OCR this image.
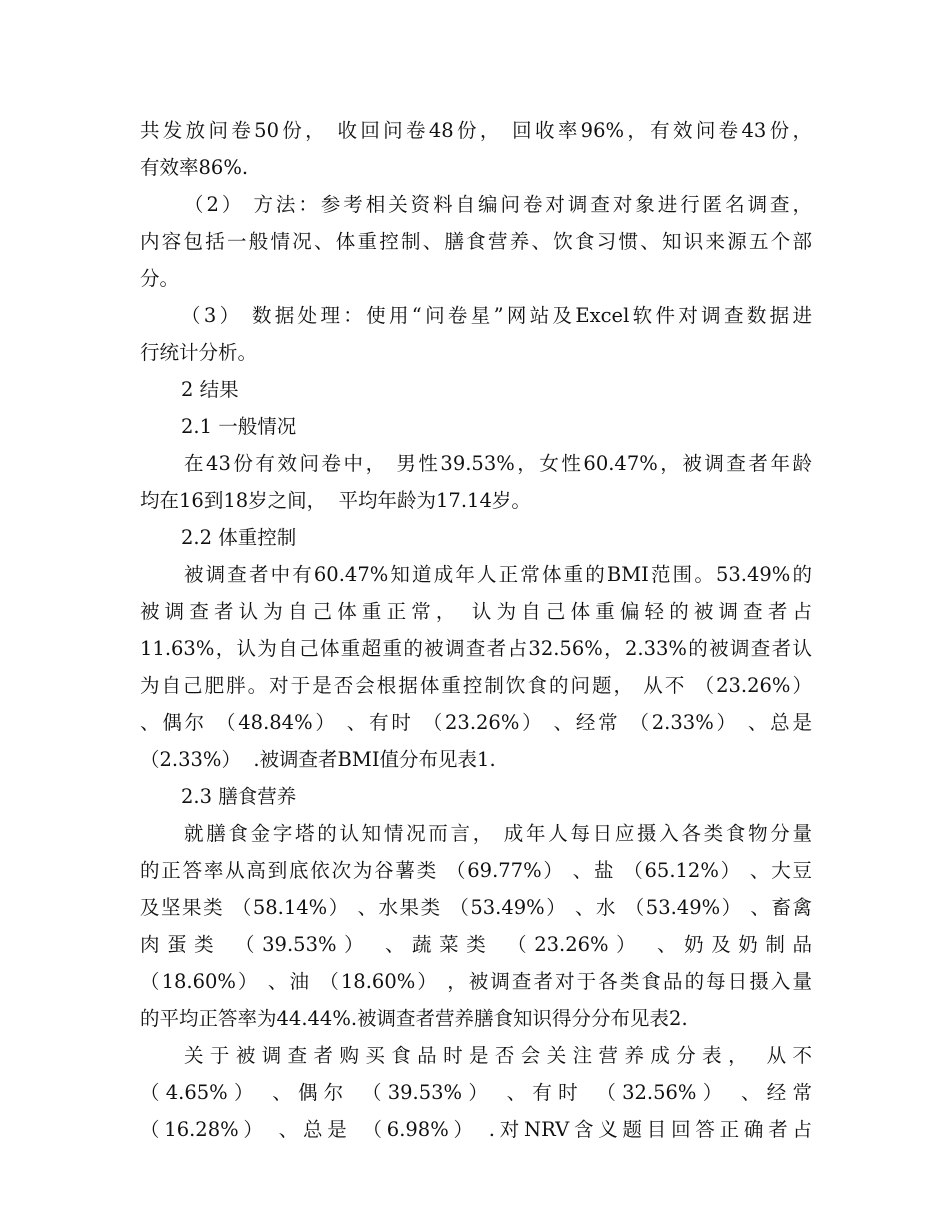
共发放问卷50份， 收回问卷48份， 回收率96%，有效问卷43份，
有效率86%.
（2） 方法：参考相关资料自编问卷对调查对象进行匿名调查，
内容包括一般情况、体重控制、膳食营养、饮食习惯、知识来源五个部
分。
（3） 数据处理：使用“问卷星”网站及Excel软件对调查数据进
行统计分析。
2 结果
2.1 一般情况
在43份有效问卷中， 男性39.53%，女性60.47%，被调查者年龄
均在16到18岁之间，  平均年龄为17.14岁。
2.2 体重控制
被调查者中有60.47%知道成年人正常体重的BMI范围。53.49%的
被调查者认为自己体重正常， 认为自己体重偏轻的被调查者占
11.63%，认为自己体重超重的被调查者占32.56%，2.33%的被调查者认
为自己肥胖。对于是否会根据体重控制饮食的问题， 从不 （23.26%）
、偶尔 （48.84%） 、有时 （23.26%） 、经常 （2.33%） 、总是
（2.33%）  .被调查者BMI值分布见表1.
2.3 膳食营养
就膳食金字塔的认知情况而言， 成年人每日应摄入各类食物分量
的正答率从高到底依次为谷薯类 （69.77%） 、盐 （65.12%） 、大豆
及坚果类 （58.14%） 、水果类 （53.49%） 、水 （53.49%） 、畜禽
肉蛋类 （39.53%） 、蔬菜类 （23.26%） 、奶及奶制品
（18.60%） 、油 （18.60%） ，被调查者对于各类食品的每日摄入量
的平均正答率为44.44%.被调查者营养膳食知识得分分布见表2.
关于被调查者购买食品时是否会关注营养成分表， 从不
（4.65%） 、偶尔 （39.53%） 、有时 （32.56%） 、经常
（16.28%） 、总是 （6.98%） .对NRV含义题目回答正确者占
